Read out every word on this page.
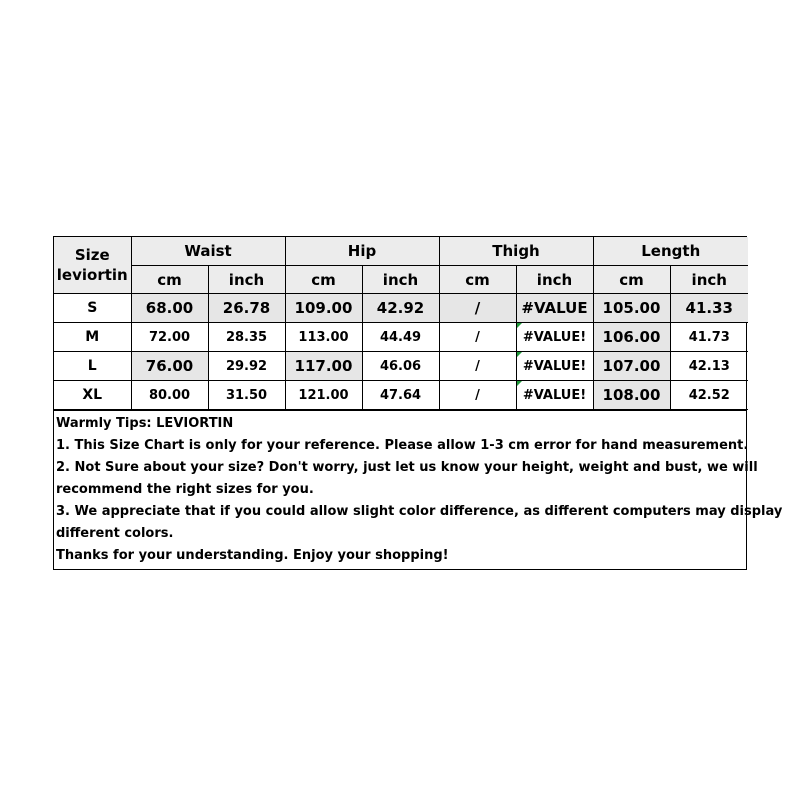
Size
leviortin	Waist		Hip		Thigh		Length	
	cm	inch	cm	inch	cm	inch	cm	inch
S	68.00	26.78	109.00	42.92	/	#VALUE	105.00	41.33
M	72.00	28.35	113.00	44.49	/	#VALUE!	106.00	41.73
L	76.00	29.92	117.00	46.06	/	#VALUE!	107.00	42.13
XL	80.00	31.50	121.00	47.64	/	#VALUE!	108.00	42.52
Warmly Tips: LEVIORTIN
1. This Size Chart is only for your reference. Please allow 1-3 cm error for hand measurement.
2. Not Sure about your size? Don't worry, just let us know your height, weight and bust, we will
recommend the right sizes for you.
3. We appreciate that if you could allow slight color difference, as different computers may display
different colors.
Thanks for your understanding. Enjoy your shopping!
